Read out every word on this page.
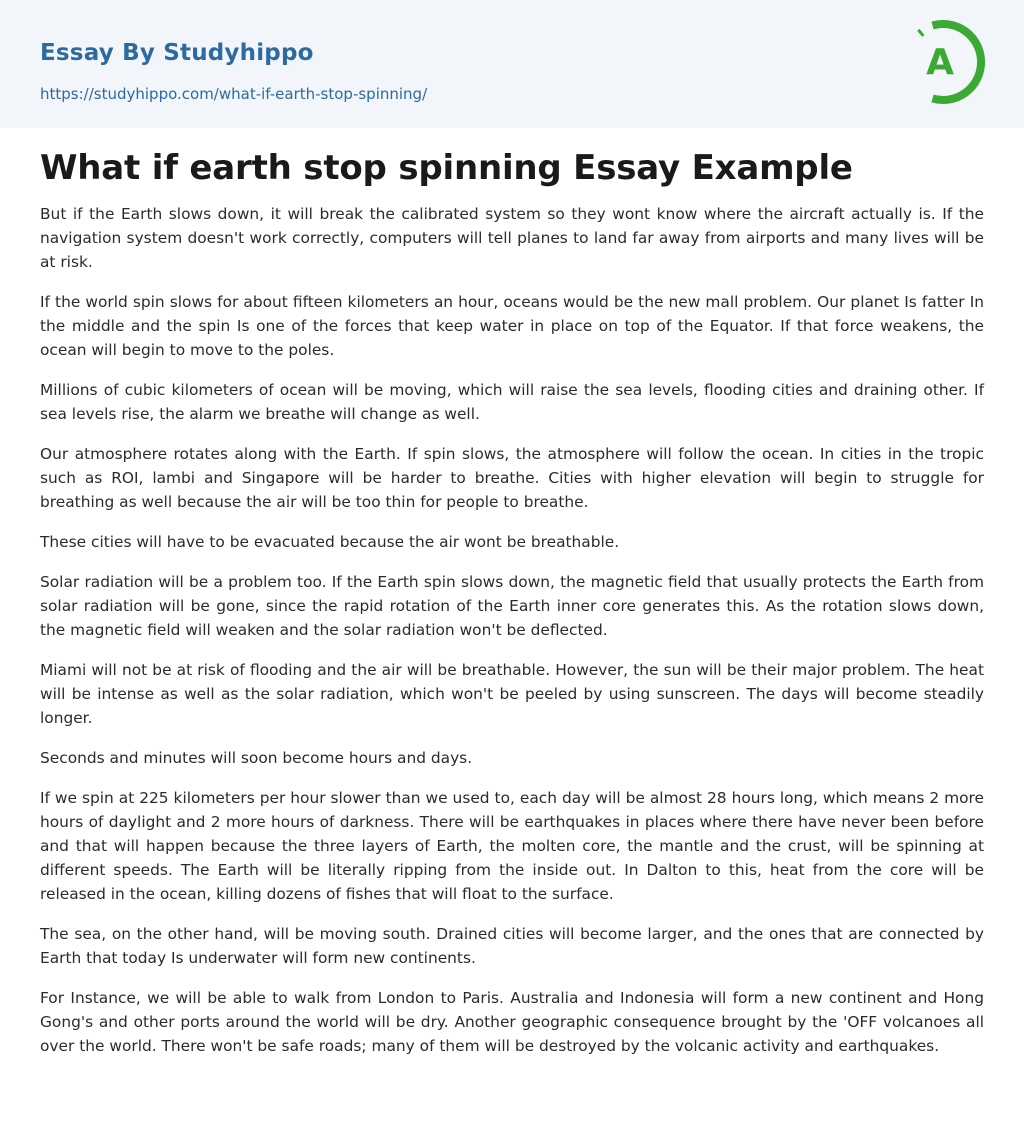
Essay By Studyhippo
https://studyhippo.com/what-if-earth-stop-spinning/
A
What if earth stop spinning Essay Example

But if the Earth slows down, it will break the calibrated system so they wont know where the aircraft actually is. If the navigation system doesn't work correctly, computers will tell planes to land far away from airports and many lives will be at risk.

If the world spin slows for about fifteen kilometers an hour, oceans would be the new mall problem. Our planet Is fatter In the middle and the spin Is one of the forces that keep water in place on top of the Equator. If that force weakens, the ocean will begin to move to the poles.

Millions of cubic kilometers of ocean will be moving, which will raise the sea levels, flooding cities and draining other. If sea levels rise, the alarm we breathe will change as well.

Our atmosphere rotates along with the Earth. If spin slows, the atmosphere will follow the ocean. In cities in the tropic such as ROI, lambi and Singapore will be harder to breathe. Cities with higher elevation will begin to struggle for breathing as well because the air will be too thin for people to breathe.

These cities will have to be evacuated because the air wont be breathable.

Solar radiation will be a problem too. If the Earth spin slows down, the magnetic field that usually protects the Earth from solar radiation will be gone, since the rapid rotation of the Earth inner core generates this. As the rotation slows down, the magnetic field will weaken and the solar radiation won't be deflected.

Miami will not be at risk of flooding and the air will be breathable. However, the sun will be their major problem. The heat will be intense as well as the solar radiation, which won't be peeled by using sunscreen. The days will become steadily longer.

Seconds and minutes will soon become hours and days.

If we spin at 225 kilometers per hour slower than we used to, each day will be almost 28 hours long, which means 2 more hours of daylight and 2 more hours of darkness. There will be earthquakes in places where there have never been before and that will happen because the three layers of Earth, the molten core, the mantle and the crust, will be spinning at different speeds. The Earth will be literally ripping from the inside out. In Dalton to this, heat from the core will be released in the ocean, killing dozens of fishes that will float to the surface.

The sea, on the other hand, will be moving south. Drained cities will become larger, and the ones that are connected by Earth that today Is underwater will form new continents.

For Instance, we will be able to walk from London to Paris. Australia and Indonesia will form a new continent and Hong Gong's and other ports around the world will be dry. Another geographic consequence brought by the 'OFF volcanoes all over the world. There won't be safe roads; many of them will be destroyed by the volcanic activity and earthquakes.
